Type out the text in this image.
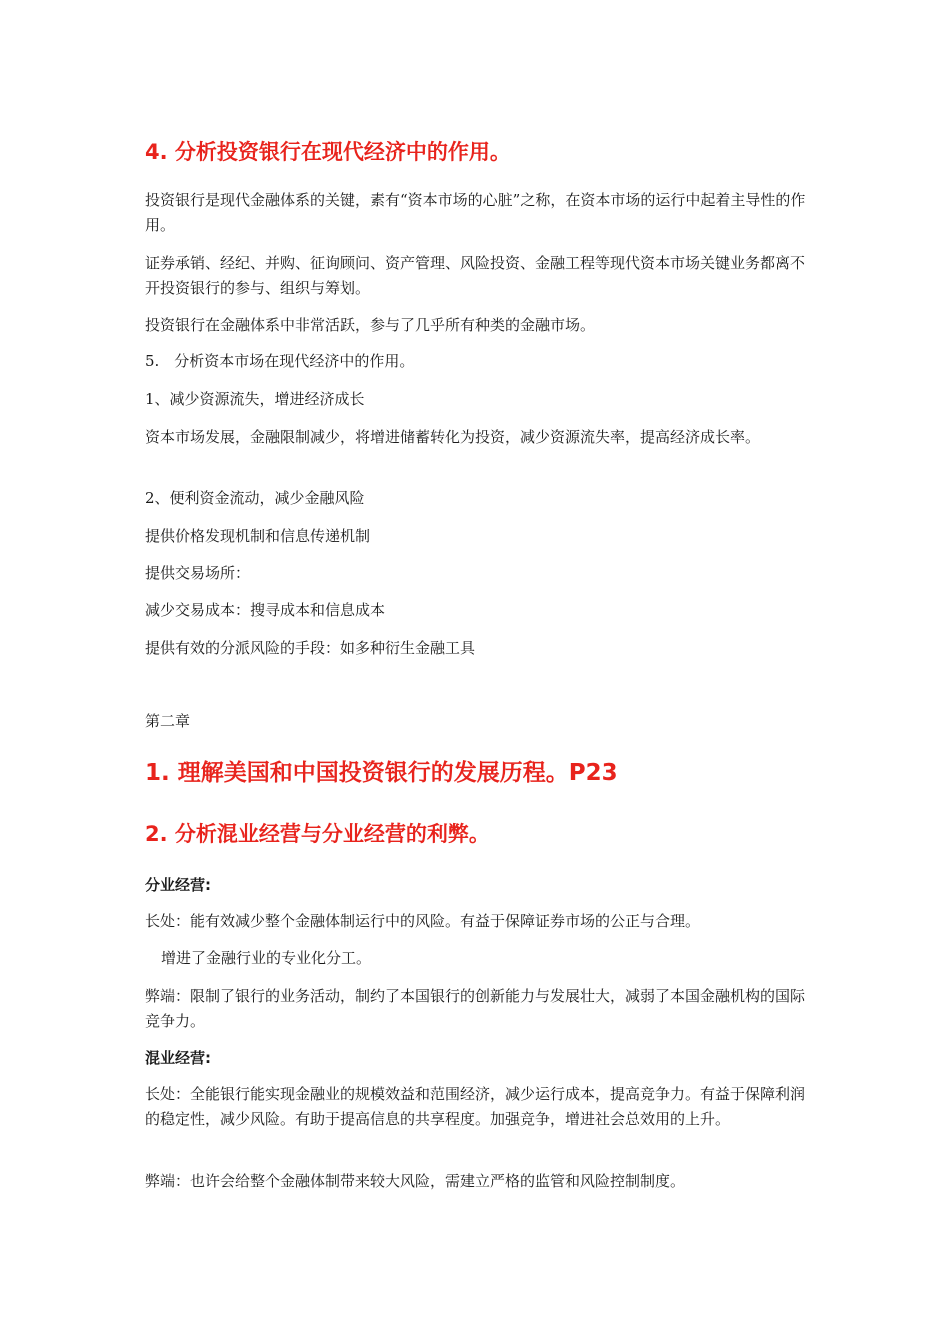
4. 分析投资银行在现代经济中的作用。

投资银行是现代金融体系的关键，素有“资本市场的心脏”之称，在资本市场的运行中起着主导性的作用。

证券承销、经纪、并购、征询顾问、资产管理、风险投资、金融工程等现代资本市场关键业务都离不开投资银行的参与、组织与筹划。

投资银行在金融体系中非常活跃，参与了几乎所有种类的金融市场。

5.　分析资本市场在现代经济中的作用。

1、减少资源流失，增进经济成长

资本市场发展，金融限制减少，将增进储蓄转化为投资，减少资源流失率，提高经济成长率。

2、便利资金流动，减少金融风险

提供价格发现机制和信息传递机制

提供交易场所：

减少交易成本：搜寻成本和信息成本

提供有效的分派风险的手段：如多种衍生金融工具

第二章

1. 理解美国和中国投资银行的发展历程。P23
2. 分析混业经营与分业经营的利弊。

分业经营:

长处：能有效减少整个金融体制运行中的风险。有益于保障证券市场的公正与合理。

增进了金融行业的专业化分工。

弊端：限制了银行的业务活动，制约了本国银行的创新能力与发展壮大，减弱了本国金融机构的国际竞争力。

混业经营:

长处：全能银行能实现金融业的规模效益和范围经济，减少运行成本，提高竞争力。有益于保障利润的稳定性，减少风险。有助于提高信息的共享程度。加强竞争，增进社会总效用的上升。

弊端：也许会给整个金融体制带来较大风险，需建立严格的监管和风险控制制度。
